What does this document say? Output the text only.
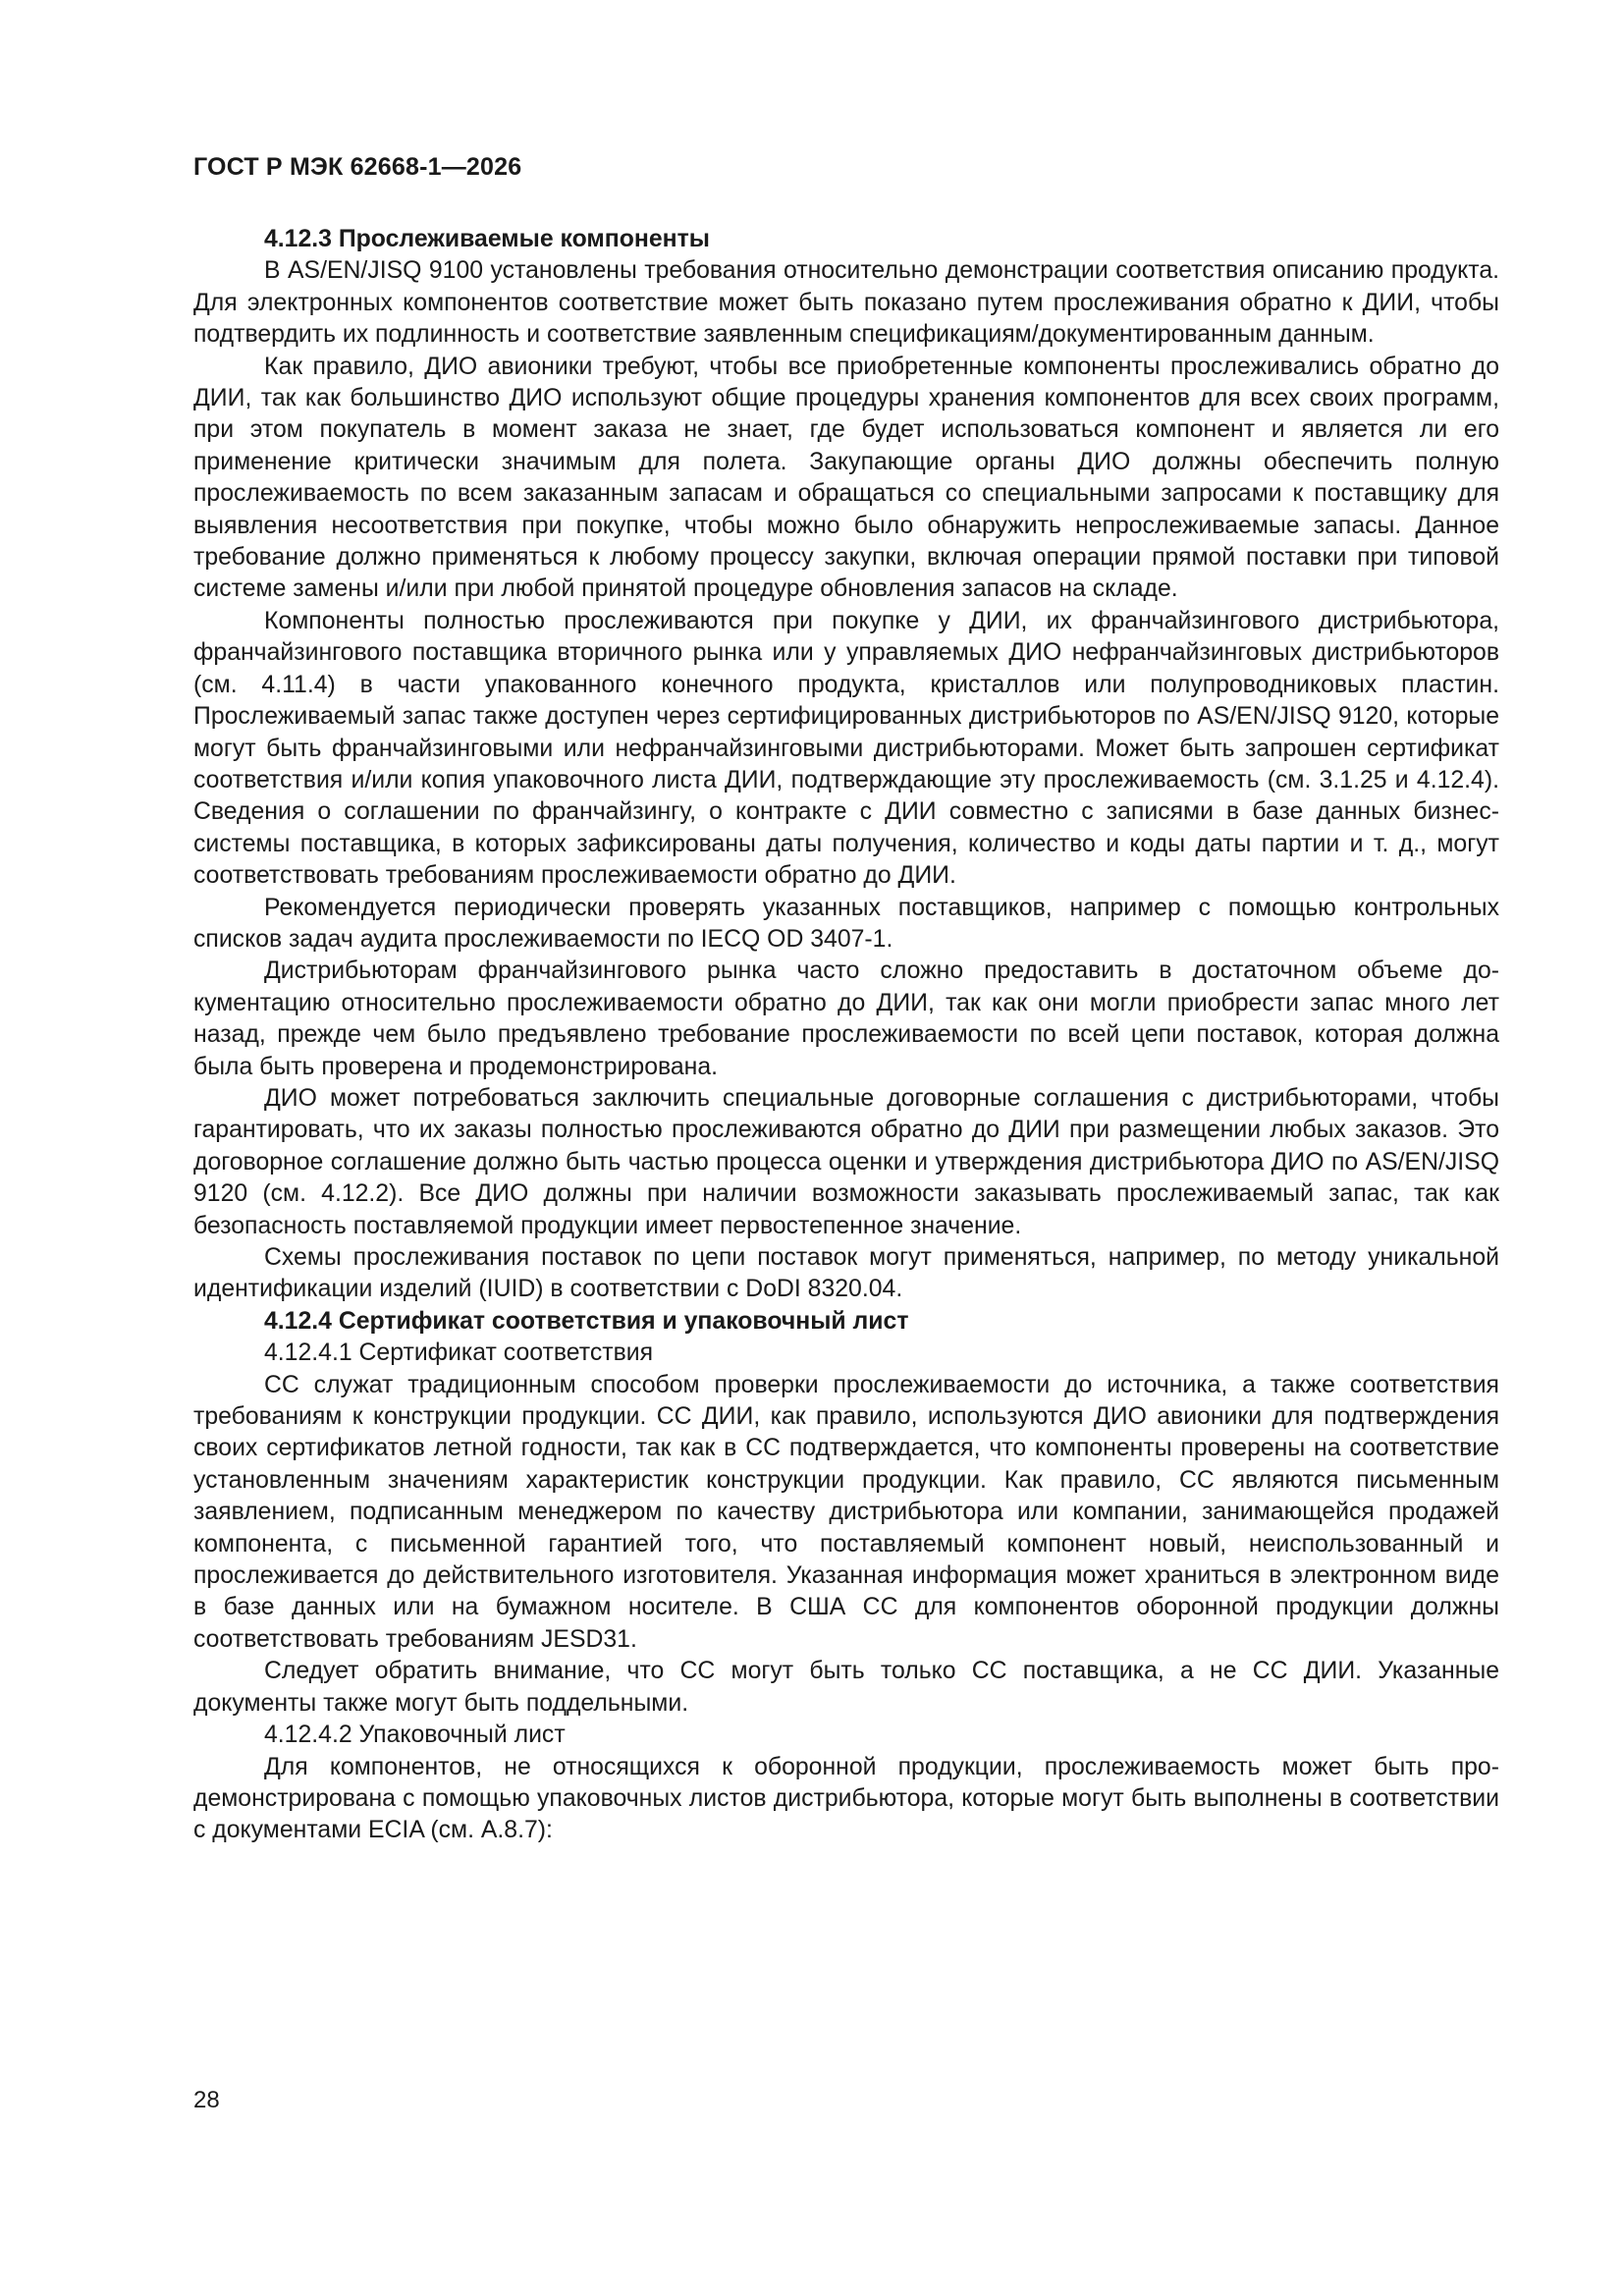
ГОСТ Р МЭК 62668-1—2026
4.12.3 Прослеживаемые компоненты

В AS/EN/JISQ 9100 установлены требования относительно демонстрации соответствия описанию продукта. Для электронных компонентов соответствие может быть показано путем прослеживания обратно к ДИИ, чтобы подтвердить их подлинность и соответствие заявленным спецификациям/документированным данным.

Как правило, ДИО авионики требуют, чтобы все приобретенные компоненты прослеживались обратно до ДИИ, так как большинство ДИО используют общие процедуры хранения компонентов для всех своих программ, при этом покупатель в момент заказа не знает, где будет использоваться компонент и является ли его применение критически значимым для полета. Закупающие органы ДИО должны обеспечить полную прослеживаемость по всем заказанным запасам и обращаться со специальными запросами к поставщику для выявления несоответствия при покупке, чтобы можно было обнаружить непрослеживаемые запасы. Данное требование должно применяться к любому процессу закупки, включая операции прямой поставки при типовой системе замены и/или при любой принятой процедуре обновления запасов на складе.

Компоненты полностью прослеживаются при покупке у ДИИ, их франчайзингового дистрибьютора, франчайзингового поставщика вторичного рынка или у управляемых ДИО нефранчайзинговых дистрибьюторов (см. 4.11.4) в части упакованного конечного продукта, кристаллов или полупроводниковых пластин. Прослеживаемый запас также доступен через сертифицированных дистрибьюторов по AS/EN/JISQ 9120, которые могут быть франчайзинговыми или нефранчайзинговыми дистрибьюторами. Может быть запрошен сертификат соответствия и/или копия упаковочного листа ДИИ, подтверждающие эту прослеживаемость (см. 3.1.25 и 4.12.4). Сведения о соглашении по франчайзингу, о контракте с ДИИ совместно с записями в базе данных бизнес-системы поставщика, в которых зафиксированы даты получения, количество и коды даты партии и т. д., могут соответствовать требованиям прослеживаемости обратно до ДИИ.

Рекомендуется периодически проверять указанных поставщиков, например с помощью контрольных списков задач аудита прослеживаемости по IECQ OD 3407-1.

Дистрибьюторам франчайзингового рынка часто сложно предоставить в достаточном объеме документацию относительно прослеживаемости обратно до ДИИ, так как они могли приобрести запас много лет назад, прежде чем было предъявлено требование прослеживаемости по всей цепи поставок, которая должна была быть проверена и продемонстрирована.

ДИО может потребоваться заключить специальные договорные соглашения с дистрибьюторами, чтобы гарантировать, что их заказы полностью прослеживаются обратно до ДИИ при размещении любых заказов. Это договорное соглашение должно быть частью процесса оценки и утверждения дистрибьютора ДИО по AS/EN/JISQ 9120 (см. 4.12.2). Все ДИО должны при наличии возможности заказывать прослеживаемый запас, так как безопасность поставляемой продукции имеет первостепенное значение.

Схемы прослеживания поставок по цепи поставок могут применяться, например, по методу уникальной идентификации изделий (IUID) в соответствии с DoDI 8320.04.

4.12.4 Сертификат соответствия и упаковочный лист
4.12.4.1 Сертификат соответствия

СС служат традиционным способом проверки прослеживаемости до источника, а также соответствия требованиям к конструкции продукции. СС ДИИ, как правило, используются ДИО авионики для подтверждения своих сертификатов летной годности, так как в СС подтверждается, что компоненты проверены на соответствие установленным значениям характеристик конструкции продукции. Как правило, СС являются письменным заявлением, подписанным менеджером по качеству дистрибьютора или компании, занимающейся продажей компонента, с письменной гарантией того, что поставляемый компонент новый, неиспользованный и прослеживается до действительного изготовителя. Указанная информация может храниться в электронном виде в базе данных или на бумажном носителе. В США СС для компонентов оборонной продукции должны соответствовать требованиям JESD31.

Следует обратить внимание, что СС могут быть только СС поставщика, а не СС ДИИ. Указанные документы также могут быть поддельными.

4.12.4.2 Упаковочный лист

Для компонентов, не относящихся к оборонной продукции, прослеживаемость может быть продемонстрирована с помощью упаковочных листов дистрибьютора, которые могут быть выполнены в соответствии с документами ECIA (см. А.8.7):

28
